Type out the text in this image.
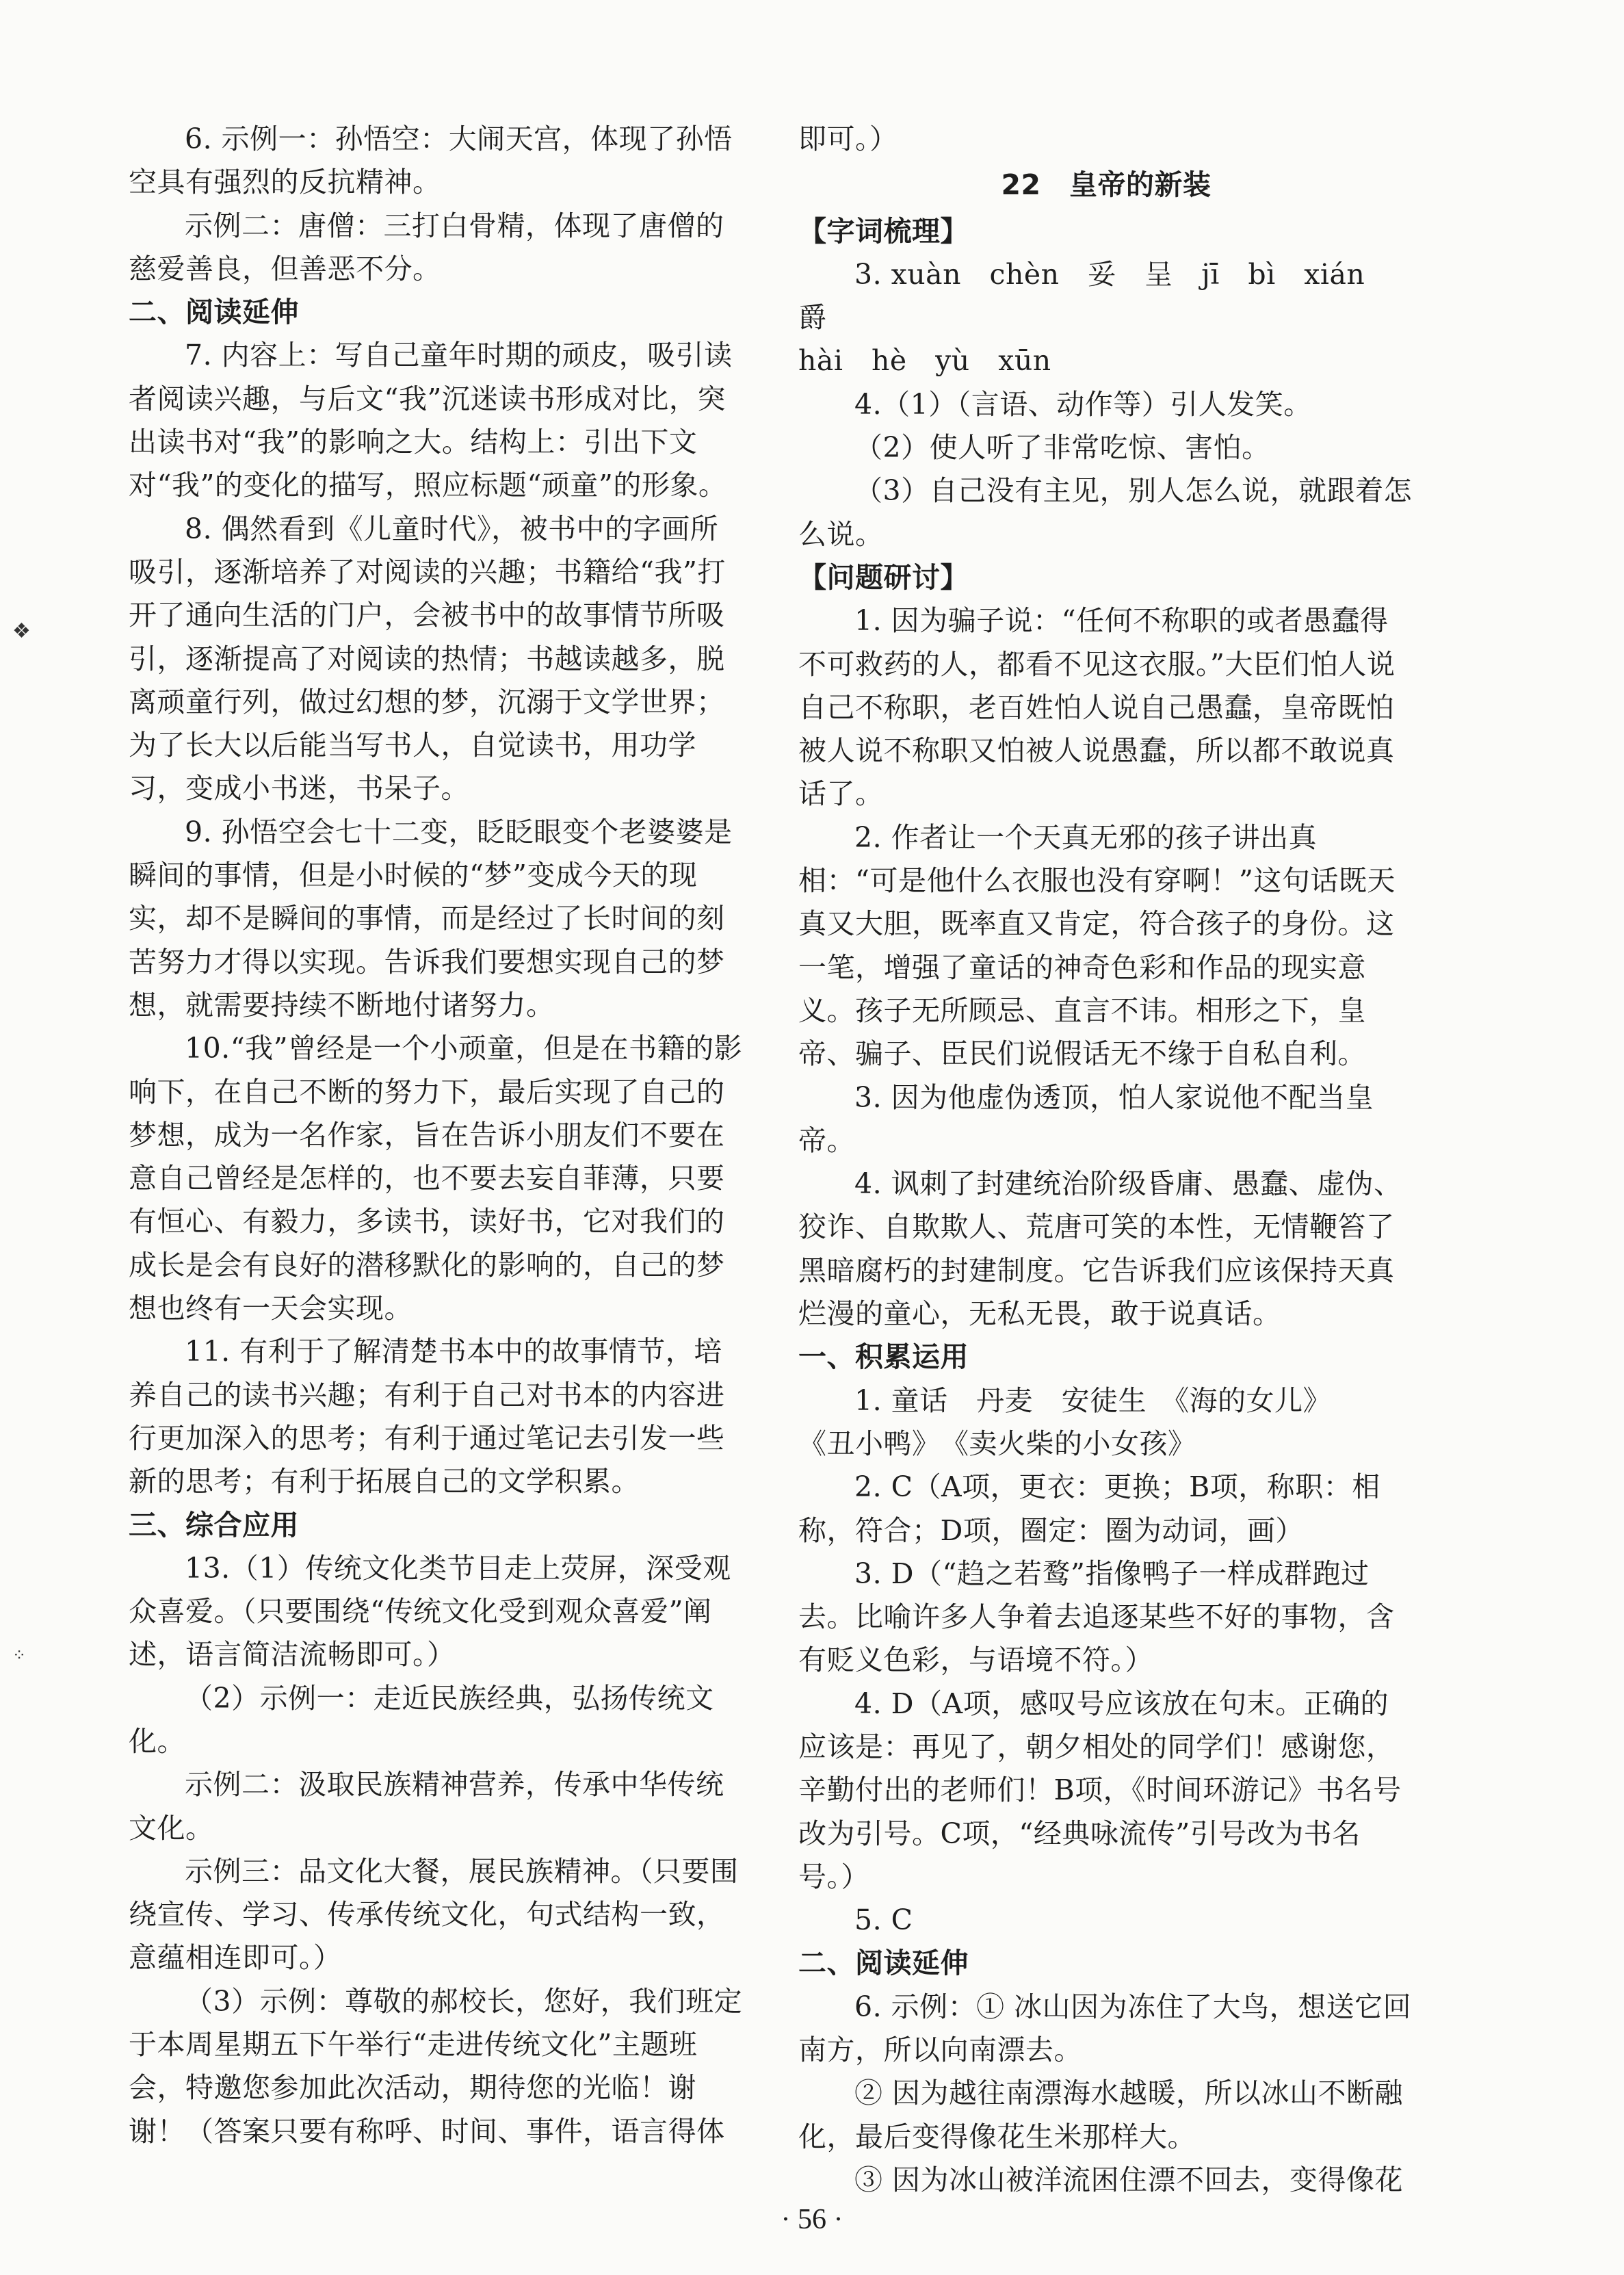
6. 示例一：孙悟空：大闹天宫，体现了孙悟空具有强烈的反抗精神。

示例二：唐僧：三打白骨精，体现了唐僧的慈爱善良，但善恶不分。

二、阅读延伸

7. 内容上：写自己童年时期的顽皮，吸引读者阅读兴趣，与后文“我”沉迷读书形成对比，突出读书对“我”的影响之大。结构上：引出下文对“我”的变化的描写，照应标题“顽童”的形象。

8. 偶然看到《儿童时代》，被书中的字画所吸引，逐渐培养了对阅读的兴趣；书籍给“我”打开了通向生活的门户，会被书中的故事情节所吸引，逐渐提高了对阅读的热情；书越读越多，脱离顽童行列，做过幻想的梦，沉溺于文学世界；为了长大以后能当写书人，自觉读书，用功学习，变成小书迷，书呆子。

9. 孙悟空会七十二变，眨眨眼变个老婆婆是瞬间的事情，但是小时候的“梦”变成今天的现实，却不是瞬间的事情，而是经过了长时间的刻苦努力才得以实现。告诉我们要想实现自己的梦想，就需要持续不断地付诸努力。

10.“我”曾经是一个小顽童，但是在书籍的影响下，在自己不断的努力下，最后实现了自己的梦想，成为一名作家，旨在告诉小朋友们不要在意自己曾经是怎样的，也不要去妄自菲薄，只要有恒心、有毅力，多读书，读好书，它对我们的成长是会有良好的潜移默化的影响的，自己的梦想也终有一天会实现。

11. 有利于了解清楚书本中的故事情节，培养自己的读书兴趣；有利于自己对书本的内容进行更加深入的思考；有利于通过笔记去引发一些新的思考；有利于拓展自己的文学积累。

三、综合应用

13.（1）传统文化类节目走上荧屏，深受观众喜爱。（只要围绕“传统文化受到观众喜爱”阐述，语言简洁流畅即可。）

（2）示例一：走近民族经典，弘扬传统文化。

示例二：汲取民族精神营养，传承中华传统文化。

示例三：品文化大餐，展民族精神。（只要围绕宣传、学习、传承传统文化，句式结构一致，意蕴相连即可。）

（3）示例：尊敬的郝校长，您好，我们班定于本周星期五下午举行“走进传统文化”主题班会，特邀您参加此次活动，期待您的光临！谢谢！（答案只要有称呼、时间、事件，语言得体

即可。）

22　皇帝的新装

【字词梳理】

3. xuàn　chèn　妥　呈　jī　bì　xián　爵

hài　hè　yù　xūn

4.（1）（言语、动作等）引人发笑。

（2）使人听了非常吃惊、害怕。

（3）自己没有主见，别人怎么说，就跟着怎么说。

【问题研讨】

1. 因为骗子说：“任何不称职的或者愚蠢得不可救药的人，都看不见这衣服。”大臣们怕人说自己不称职，老百姓怕人说自己愚蠢，皇帝既怕被人说不称职又怕被人说愚蠢，所以都不敢说真话了。

2. 作者让一个天真无邪的孩子讲出真相：“可是他什么衣服也没有穿啊！”这句话既天真又大胆，既率直又肯定，符合孩子的身份。这一笔，增强了童话的神奇色彩和作品的现实意义。孩子无所顾忌、直言不讳。相形之下，皇帝、骗子、臣民们说假话无不缘于自私自利。

3. 因为他虚伪透顶，怕人家说他不配当皇帝。

4. 讽刺了封建统治阶级昏庸、愚蠢、虚伪、狡诈、自欺欺人、荒唐可笑的本性，无情鞭笞了黑暗腐朽的封建制度。它告诉我们应该保持天真烂漫的童心，无私无畏，敢于说真话。

一、积累运用

1. 童话　丹麦　安徒生　《海的女儿》

《丑小鸭》　《卖火柴的小女孩》

2. C（A项，更衣：更换；B项，称职：相称，符合；D项，圈定：圈为动词，画）

3. D（“趋之若鹜”指像鸭子一样成群跑过去。比喻许多人争着去追逐某些不好的事物，含有贬义色彩，与语境不符。）

4. D（A项，感叹号应该放在句末。正确的应该是：再见了，朝夕相处的同学们！感谢您，辛勤付出的老师们！B项，《时间环游记》书名号改为引号。C项，“经典咏流传”引号改为书名号。）

5. C

二、阅读延伸

6. 示例：① 冰山因为冻住了大鸟，想送它回南方，所以向南漂去。

② 因为越往南漂海水越暖，所以冰山不断融化，最后变得像花生米那样大。

③ 因为冰山被洋流困住漂不回去，变得像花

· 56 ·
❖
⁘
